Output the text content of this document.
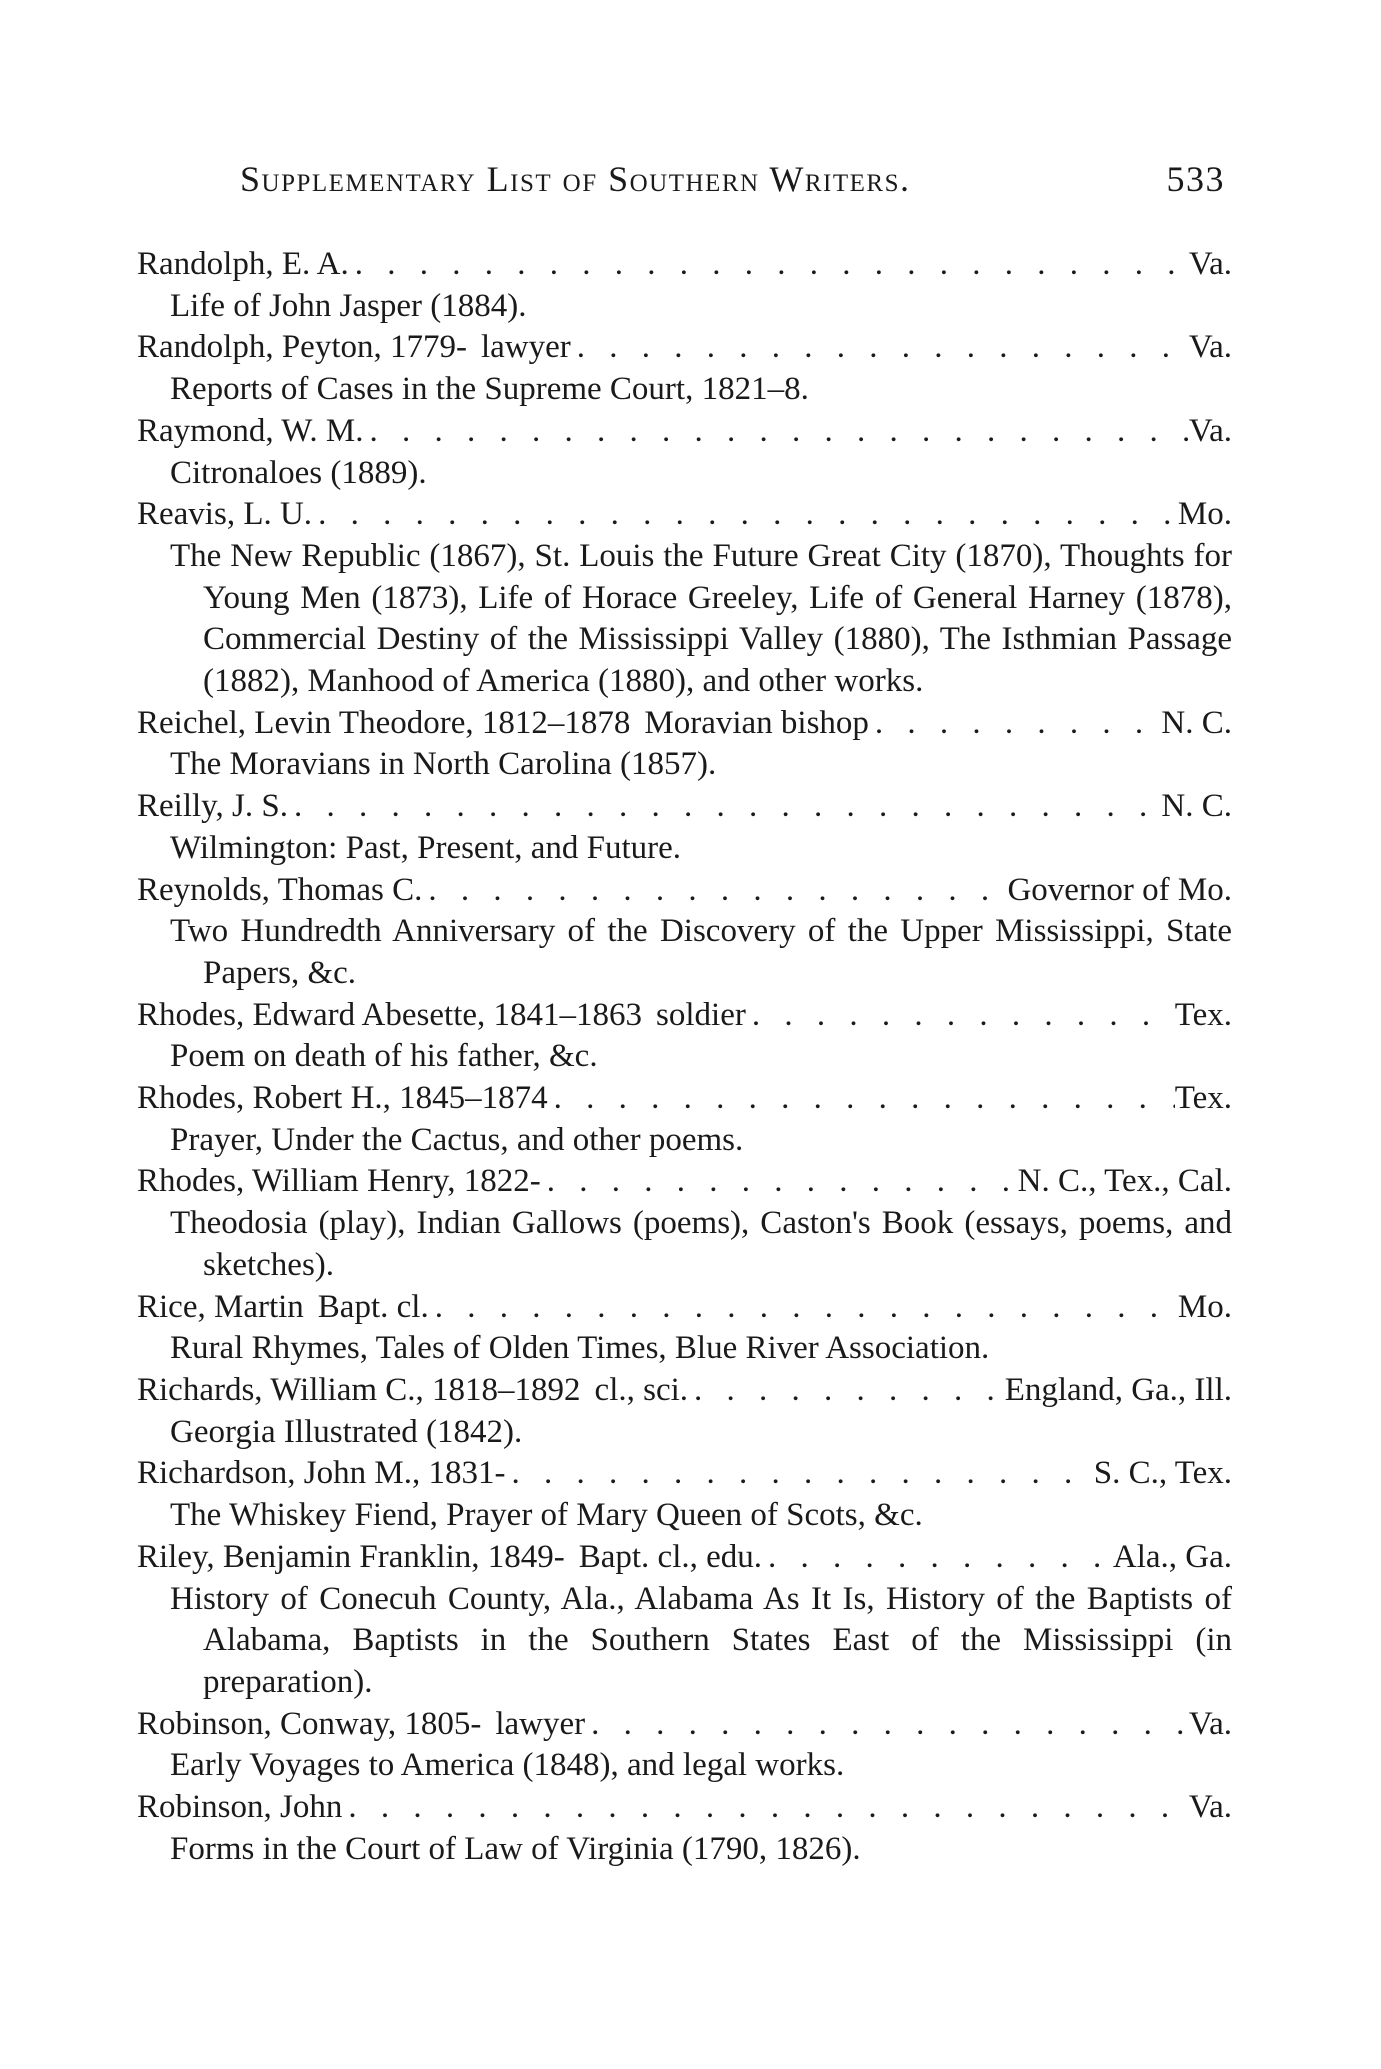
Supplementary List of Southern Writers.	533
Randolph, E. A. . . .	Va.
Life of John Jasper (1884).
Randolph, Peyton, 1779- lawyer . . .	Va.
Reports of Cases in the Supreme Court, 1821–8.
Raymond, W. M. . . .	Va.
Citronaloes (1889).
Reavis, L. U. . . .	Mo.
The New Republic (1867), St. Louis the Future Great City (1870), Thoughts for Young Men (1873), Life of Horace Greeley, Life of General Harney (1878), Commercial Destiny of the Mississippi Valley (1880), The Isthmian Passage (1882), Manhood of America (1880), and other works.
Reichel, Levin Theodore, 1812–1878 Moravian bishop . . .	N. C.
The Moravians in North Carolina (1857).
Reilly, J. S. . . .	N. C.
Wilmington: Past, Present, and Future.
Reynolds, Thomas C. . . .	Governor of Mo.
Two Hundredth Anniversary of the Discovery of the Upper Mississippi, State Papers, &c.
Rhodes, Edward Abesette, 1841–1863 soldier . . .	Tex.
Poem on death of his father, &c.
Rhodes, Robert H., 1845–1874 . . .	Tex.
Prayer, Under the Cactus, and other poems.
Rhodes, William Henry, 1822- . . .	N. C., Tex., Cal.
Theodosia (play), Indian Gallows (poems), Caston's Book (essays, poems, and sketches).
Rice, Martin Bapt. cl. . . .	Mo.
Rural Rhymes, Tales of Olden Times, Blue River Association.
Richards, William C., 1818–1892 cl., sci. . . .	England, Ga., Ill.
Georgia Illustrated (1842).
Richardson, John M., 1831- . . .	S. C., Tex.
The Whiskey Fiend, Prayer of Mary Queen of Scots, &c.
Riley, Benjamin Franklin, 1849- Bapt. cl., edu. . . .	Ala., Ga.
History of Conecuh County, Ala., Alabama As It Is, History of the Baptists of Alabama, Baptists in the Southern States East of the Mississippi (in preparation).
Robinson, Conway, 1805- lawyer . . .	Va.
Early Voyages to America (1848), and legal works.
Robinson, John . . .	Va.
Forms in the Court of Law of Virginia (1790, 1826).
